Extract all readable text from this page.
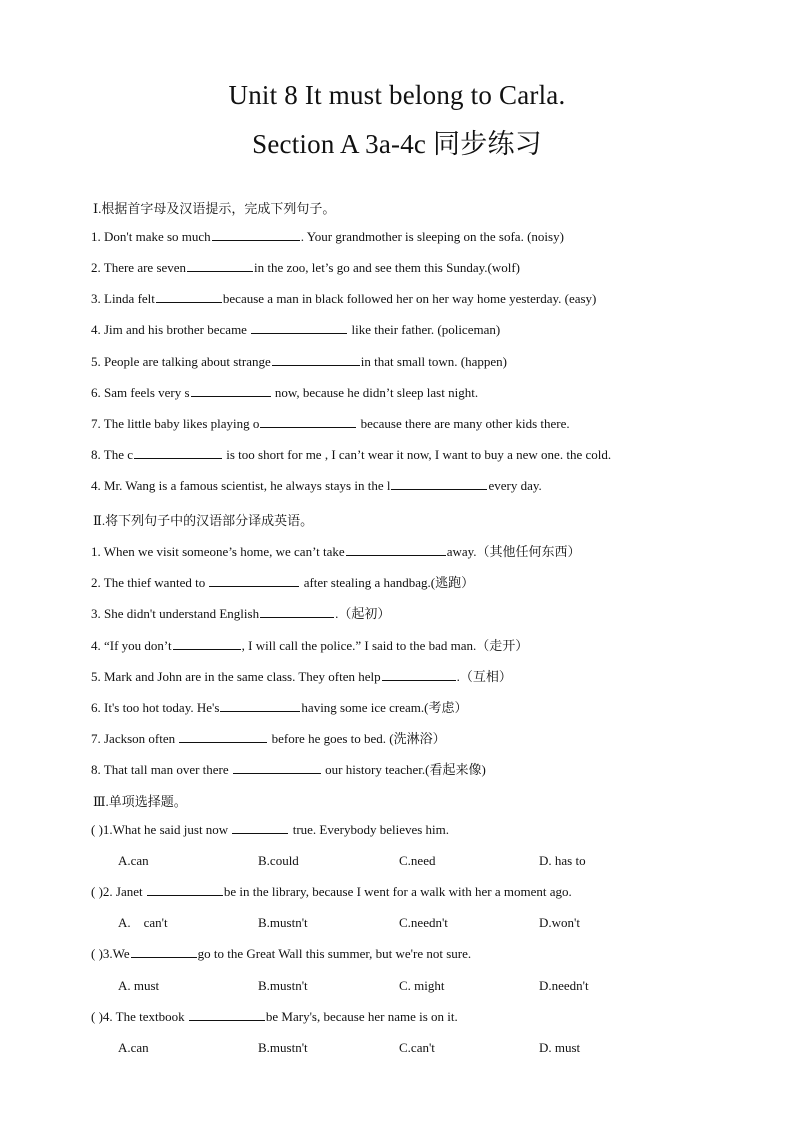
Unit 8 It must belong to Carla.
Section A 3a-4c 同步练习
Ⅰ.根据首字母及汉语提示，完成下列句子。
1. Don't make so much	. Your grandmother is sleeping on the sofa. (noisy)
2. There are seven	in the zoo, let’s go and see them this Sunday.(wolf)
3. Linda felt	because a man in black followed her on her way home yesterday. (easy)
4. Jim and his brother became	like their father. (policeman)
5. People are talking about strange	in that small town. (happen)
6. Sam feels very s	now, because he didn’t sleep last night.
7. The little baby likes playing o	because there are many other kids there.
8. The c	is too short for me , I can’t wear it now, I want to buy a new one. the cold.
4. Mr. Wang is a famous scientist, he always stays in the l	every day.
Ⅱ.将下列句子中的汉语部分译成英语。
1. When we visit someone’s home, we can’t take	away.（其他任何东西）
2. The thief wanted to	after stealing a handbag.(逃跑）
3. She didn't understand English	.（起初）
4. “If you don’t	, I will call the police.” I said to the bad man.（走开）
5. Mark and John are in the same class. They often help	.（互相）
6. It's too hot today. He's	having some ice cream.(考虑）
7. Jackson often	before he goes to bed. (洗淋浴）
8. That tall man over there	our history teacher.(看起来像)
Ⅲ.单项选择题。
( )1.What he said just now	true. Everybody believes him.
A.can	B.could	C.need	D. has to
( )2. Janet	be in the library, because I went for a walk with her a moment ago.
A.    can't	B.mustn't	C.needn't	D.won't
( )3.We	go to the Great Wall this summer, but we're not sure.
A. must	B.mustn't	C. might	D.needn't
( )4. The textbook	be Mary's, because her name is on it.
A.can	B.mustn't	C.can't	D. must
